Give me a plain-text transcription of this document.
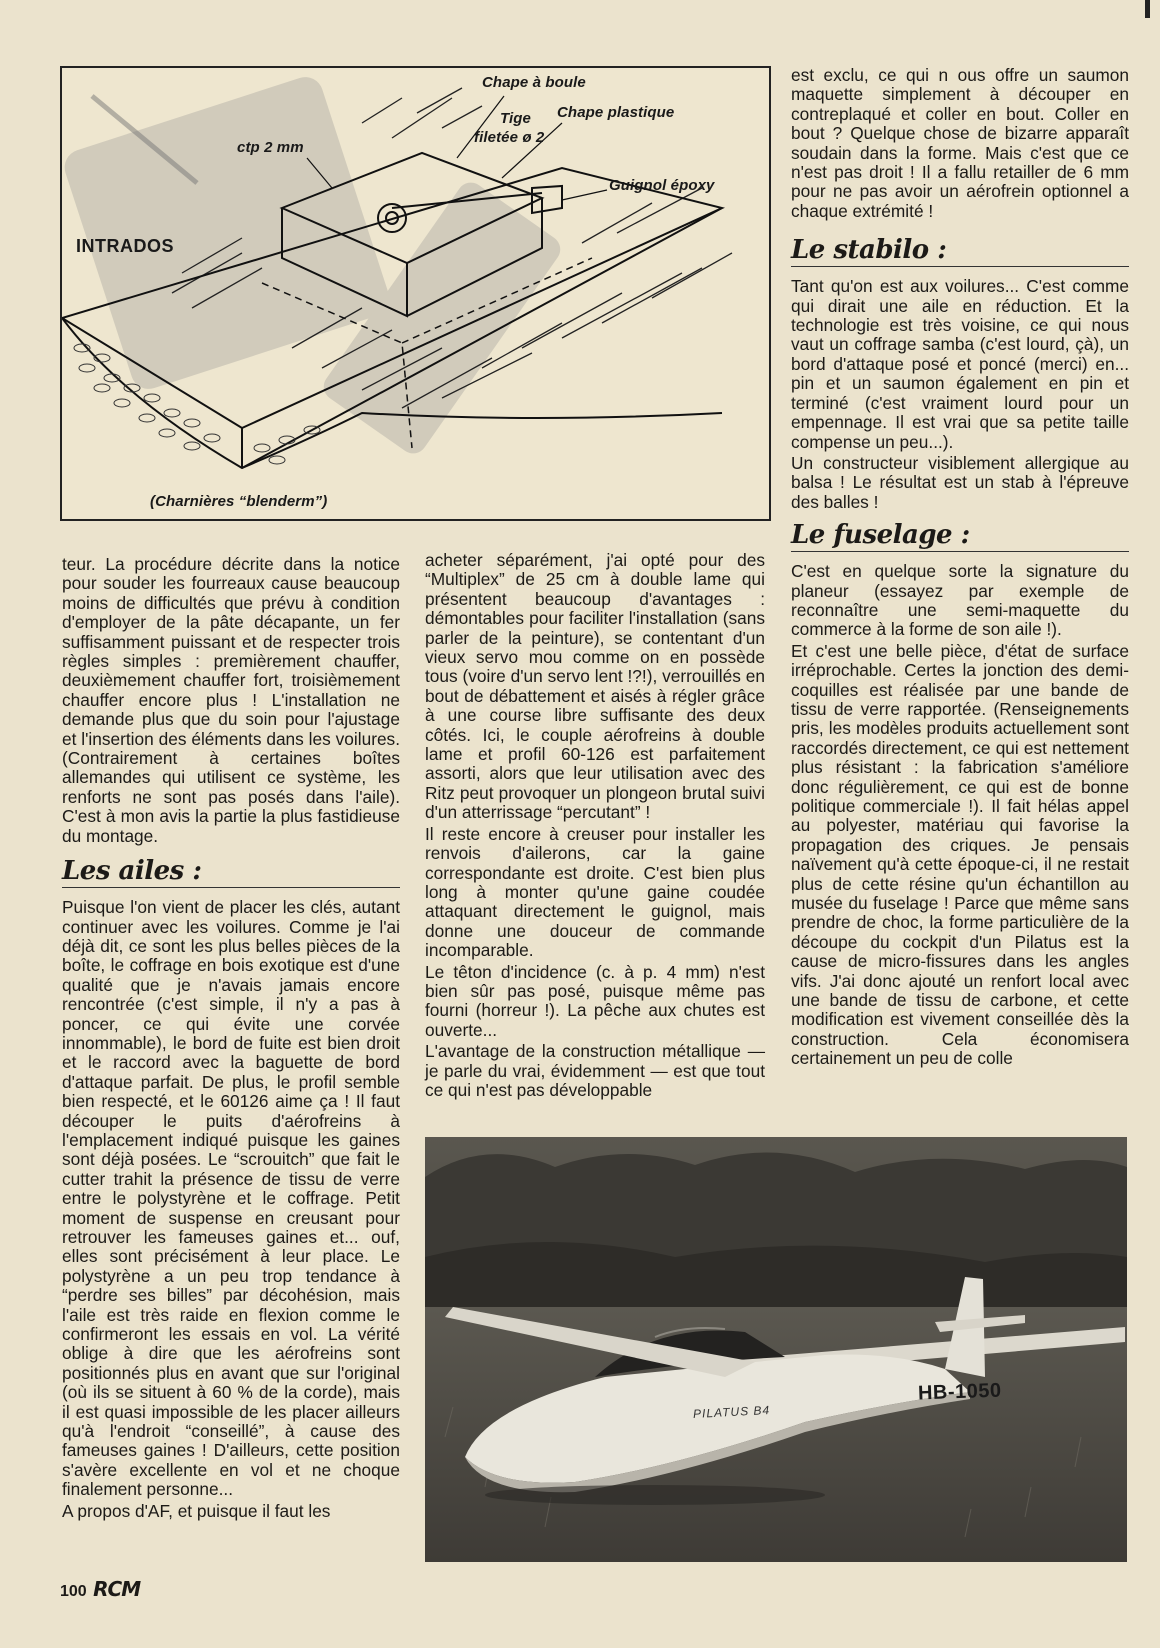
Chape à boule
Tige
filetée ø 2
Chape plastique
ctp 2 mm
Guignol époxy
INTRADOS
(Charnières “blenderm”)

teur. La procédure décrite dans la notice pour souder les fourreaux cause beaucoup moins de difficultés que prévu à condition d'employer de la pâte décapante, un fer suffisamment puissant et de respecter trois règles simples : premièrement chauffer, deuxièmement chauffer fort, troisièmement chauffer encore plus ! L'installation ne demande plus que du soin pour l'ajustage et l'insertion des éléments dans les voilures. (Contrairement à certaines boîtes allemandes qui utilisent ce système, les renforts ne sont pas posés dans l'aile). C'est à mon avis la partie la plus fastidieuse du montage.

Les ailes :

Puisque l'on vient de placer les clés, autant continuer avec les voilures. Comme je l'ai déjà dit, ce sont les plus belles pièces de la boîte, le coffrage en bois exotique est d'une qualité que je n'avais jamais encore rencontrée (c'est simple, il n'y a pas à poncer, ce qui évite une corvée innommable), le bord de fuite est bien droit et le raccord avec la baguette de bord d'attaque parfait. De plus, le profil semble bien respecté, et le 60126 aime ça ! Il faut découper le puits d'aérofreins à l'emplacement indiqué puisque les gaines sont déjà posées. Le “scrouitch” que fait le cutter trahit la présence de tissu de verre entre le polystyrène et le coffrage. Petit moment de suspense en creusant pour retrouver les fameuses gaines et... ouf, elles sont précisément à leur place. Le polystyrène a un peu trop tendance à “perdre ses billes” par décohésion, mais l'aile est très raide en flexion comme le confirmeront les essais en vol. La vérité oblige à dire que les aérofreins sont positionnés plus en avant que sur l'original (où ils se situent à 60 % de la corde), mais il est quasi impossible de les placer ailleurs qu'à l'endroit “conseillé”, à cause des fameuses gaines ! D'ailleurs, cette position s'avère excellente en vol et ne choque finalement personne...

A propos d'AF, et puisque il faut les

acheter séparément, j'ai opté pour des “Multiplex” de 25 cm à double lame qui présentent beaucoup d'avantages : démontables pour faciliter l'installation (sans parler de la peinture), se contentant d'un vieux servo mou comme on en possède tous (voire d'un servo lent !?!), verrouillés en bout de débattement et aisés à régler grâce à une course libre suffisante des deux côtés. Ici, le couple aérofreins à double lame et profil 60-126 est parfaitement assorti, alors que leur utilisation avec des Ritz peut provoquer un plongeon brutal suivi d'un atterrissage “percutant” !

Il reste encore à creuser pour installer les renvois d'ailerons, car la gaine correspondante est droite. C'est bien plus long à monter qu'une gaine coudée attaquant directement le guignol, mais donne une douceur de commande incomparable.

Le têton d'incidence (c. à p. 4 mm) n'est bien sûr pas posé, puisque même pas fourni (horreur !). La pêche aux chutes est ouverte...

L'avantage de la construction métallique — je parle du vrai, évidemment — est que tout ce qui n'est pas développable

est exclu, ce qui n ous offre un saumon maquette simplement à découper en contreplaqué et coller en bout. Coller en bout ? Quelque chose de bizarre apparaît soudain dans la forme. Mais c'est que ce n'est pas droit ! Il a fallu retailler de 6 mm pour ne pas avoir un aérofrein optionnel a chaque extrémité !

Le stabilo :

Tant qu'on est aux voilures... C'est comme qui dirait une aile en réduction. Et la technologie est très voisine, ce qui nous vaut un coffrage samba (c'est lourd, çà), un bord d'attaque posé et poncé (merci) en... pin et un saumon également en pin et terminé (c'est vraiment lourd pour un empennage. Il est vrai que sa petite taille compense un peu...).

Un constructeur visiblement allergique au balsa ! Le résultat est un stab à l'épreuve des balles !

Le fuselage :

C'est en quelque sorte la signature du planeur (essayez par exemple de reconnaître une semi-maquette du commerce à la forme de son aile !).

Et c'est une belle pièce, d'état de surface irréprochable. Certes la jonction des demi-coquilles est réalisée par une bande de tissu de verre rapportée. (Renseignements pris, les modèles produits actuellement sont raccordés directement, ce qui est nettement plus résistant : la fabrication s'améliore donc régulièrement, ce qui est de bonne politique commerciale !). Il fait hélas appel au polyester, matériau qui favorise la propagation des criques. Je pensais naïvement qu'à cette époque-ci, il ne restait plus de cette résine qu'un échantillon au musée du fuselage ! Parce que même sans prendre de choc, la forme particulière de la découpe du cockpit d'un Pilatus est la cause de micro-fissures dans les angles vifs. J'ai donc ajouté un renfort local avec une bande de tissu de carbone, et cette modification est vivement conseillée dès la construction. Cela économisera certainement un peu de colle

PILATUS B4
HB-1050
100 RCM
